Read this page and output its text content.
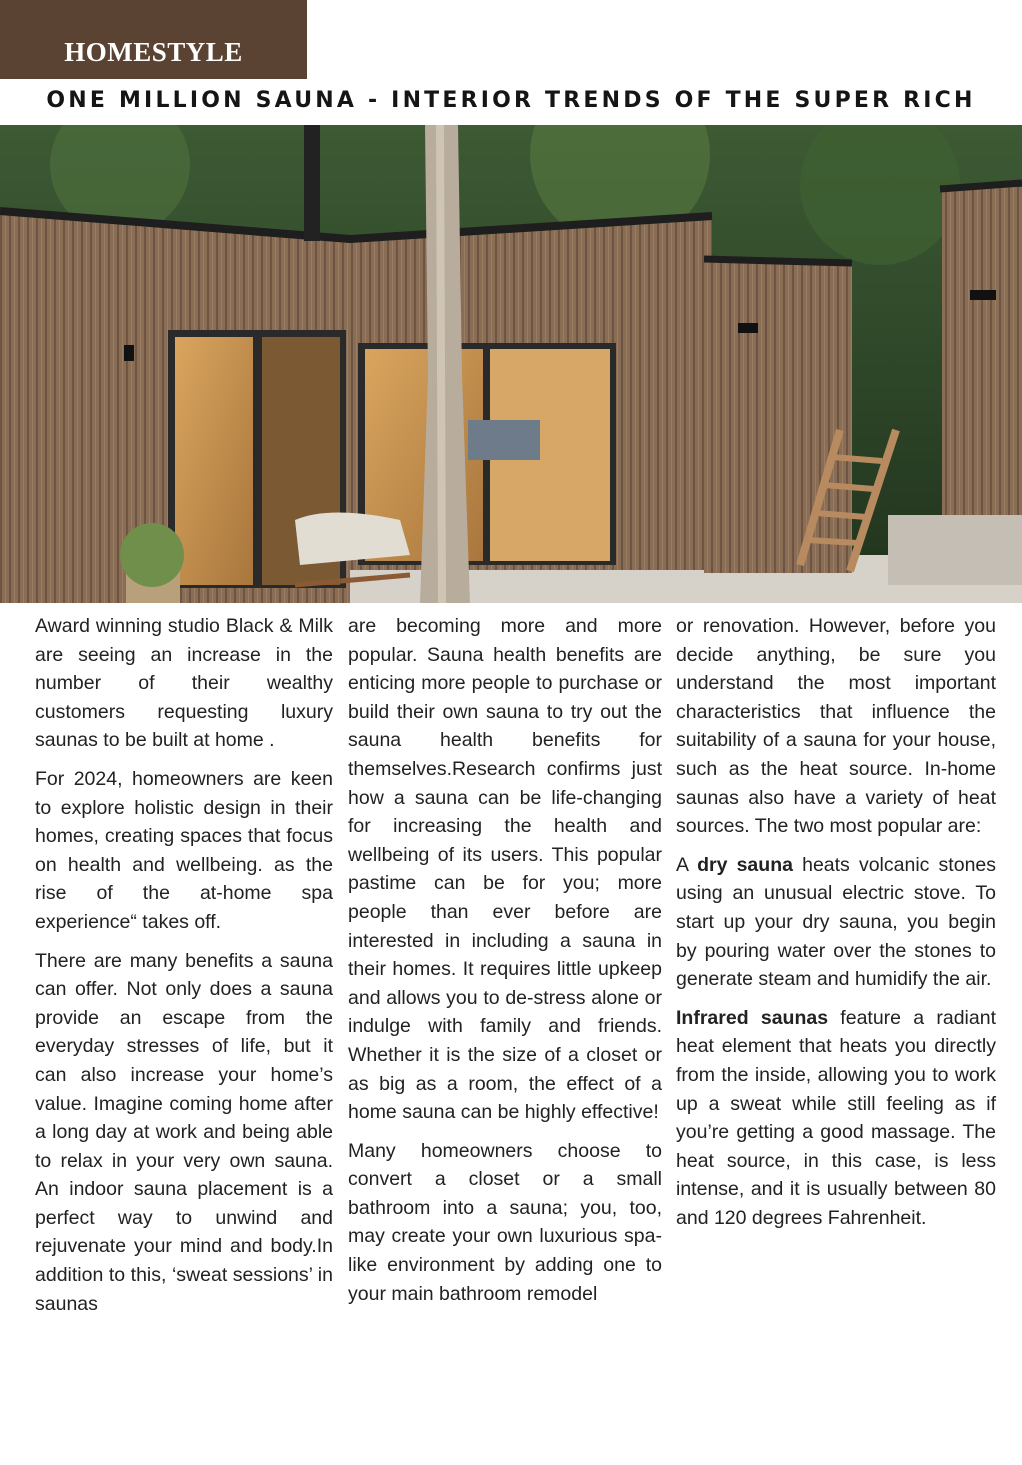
HOMESTYLE
ONE MILLION SAUNA - INTERIOR TRENDS OF THE SUPER RICH

Award winning studio Black & Milk are seeing an increase in the number of their wealthy customers requesting luxury saunas to be built at home .

For 2024, homeowners are keen to explore holistic design in their homes, creating spaces that focus on health and wellbeing. as the rise of the at-home spa experience“ takes off.

There are many benefits a sauna can offer. Not only does a sauna provide an escape from the everyday stresses of life, but it can also increase your home’s value. Imagine coming home after a long day at work and being able to relax in your very own sauna. An indoor sauna placement is a perfect way to unwind and rejuvenate your mind and body.In addition to this, ‘sweat sessions’ in saunas

are becoming more and more popular. Sauna health benefits are enticing more people to purchase or build their own sauna to try out the sauna health benefits for themselves.Research confirms just how a sauna can be life-changing for increasing the health and wellbeing of its users. This popular pastime can be for you; more people than ever before are interested in including a sauna in their homes. It requires little upkeep and allows you to de-stress alone or indulge with family and friends. Whether it is the size of a closet or as big as a room, the effect of a home sauna can be highly effective!

Many homeowners choose to convert a closet or a small bathroom into a sauna; you, too, may create your own luxurious spa-like environment by adding one to your main bathroom remodel

or renovation. However, before you decide anything, be sure you understand the most important characteristics that influence the suitability of a sauna for your house, such as the heat source. In-home saunas also have a variety of heat sources. The two most popular are:

A dry sauna heats volcanic stones using an unusual electric stove. To start up your dry sauna, you begin by pouring water over the stones to generate steam and humidify the air.

Infrared saunas feature a radiant heat element that heats you directly from the inside, allowing you to work up a sweat while still feeling as if you’re getting a good massage. The heat source, in this case, is less intense, and it is usually between 80 and 120 degrees Fahrenheit.
